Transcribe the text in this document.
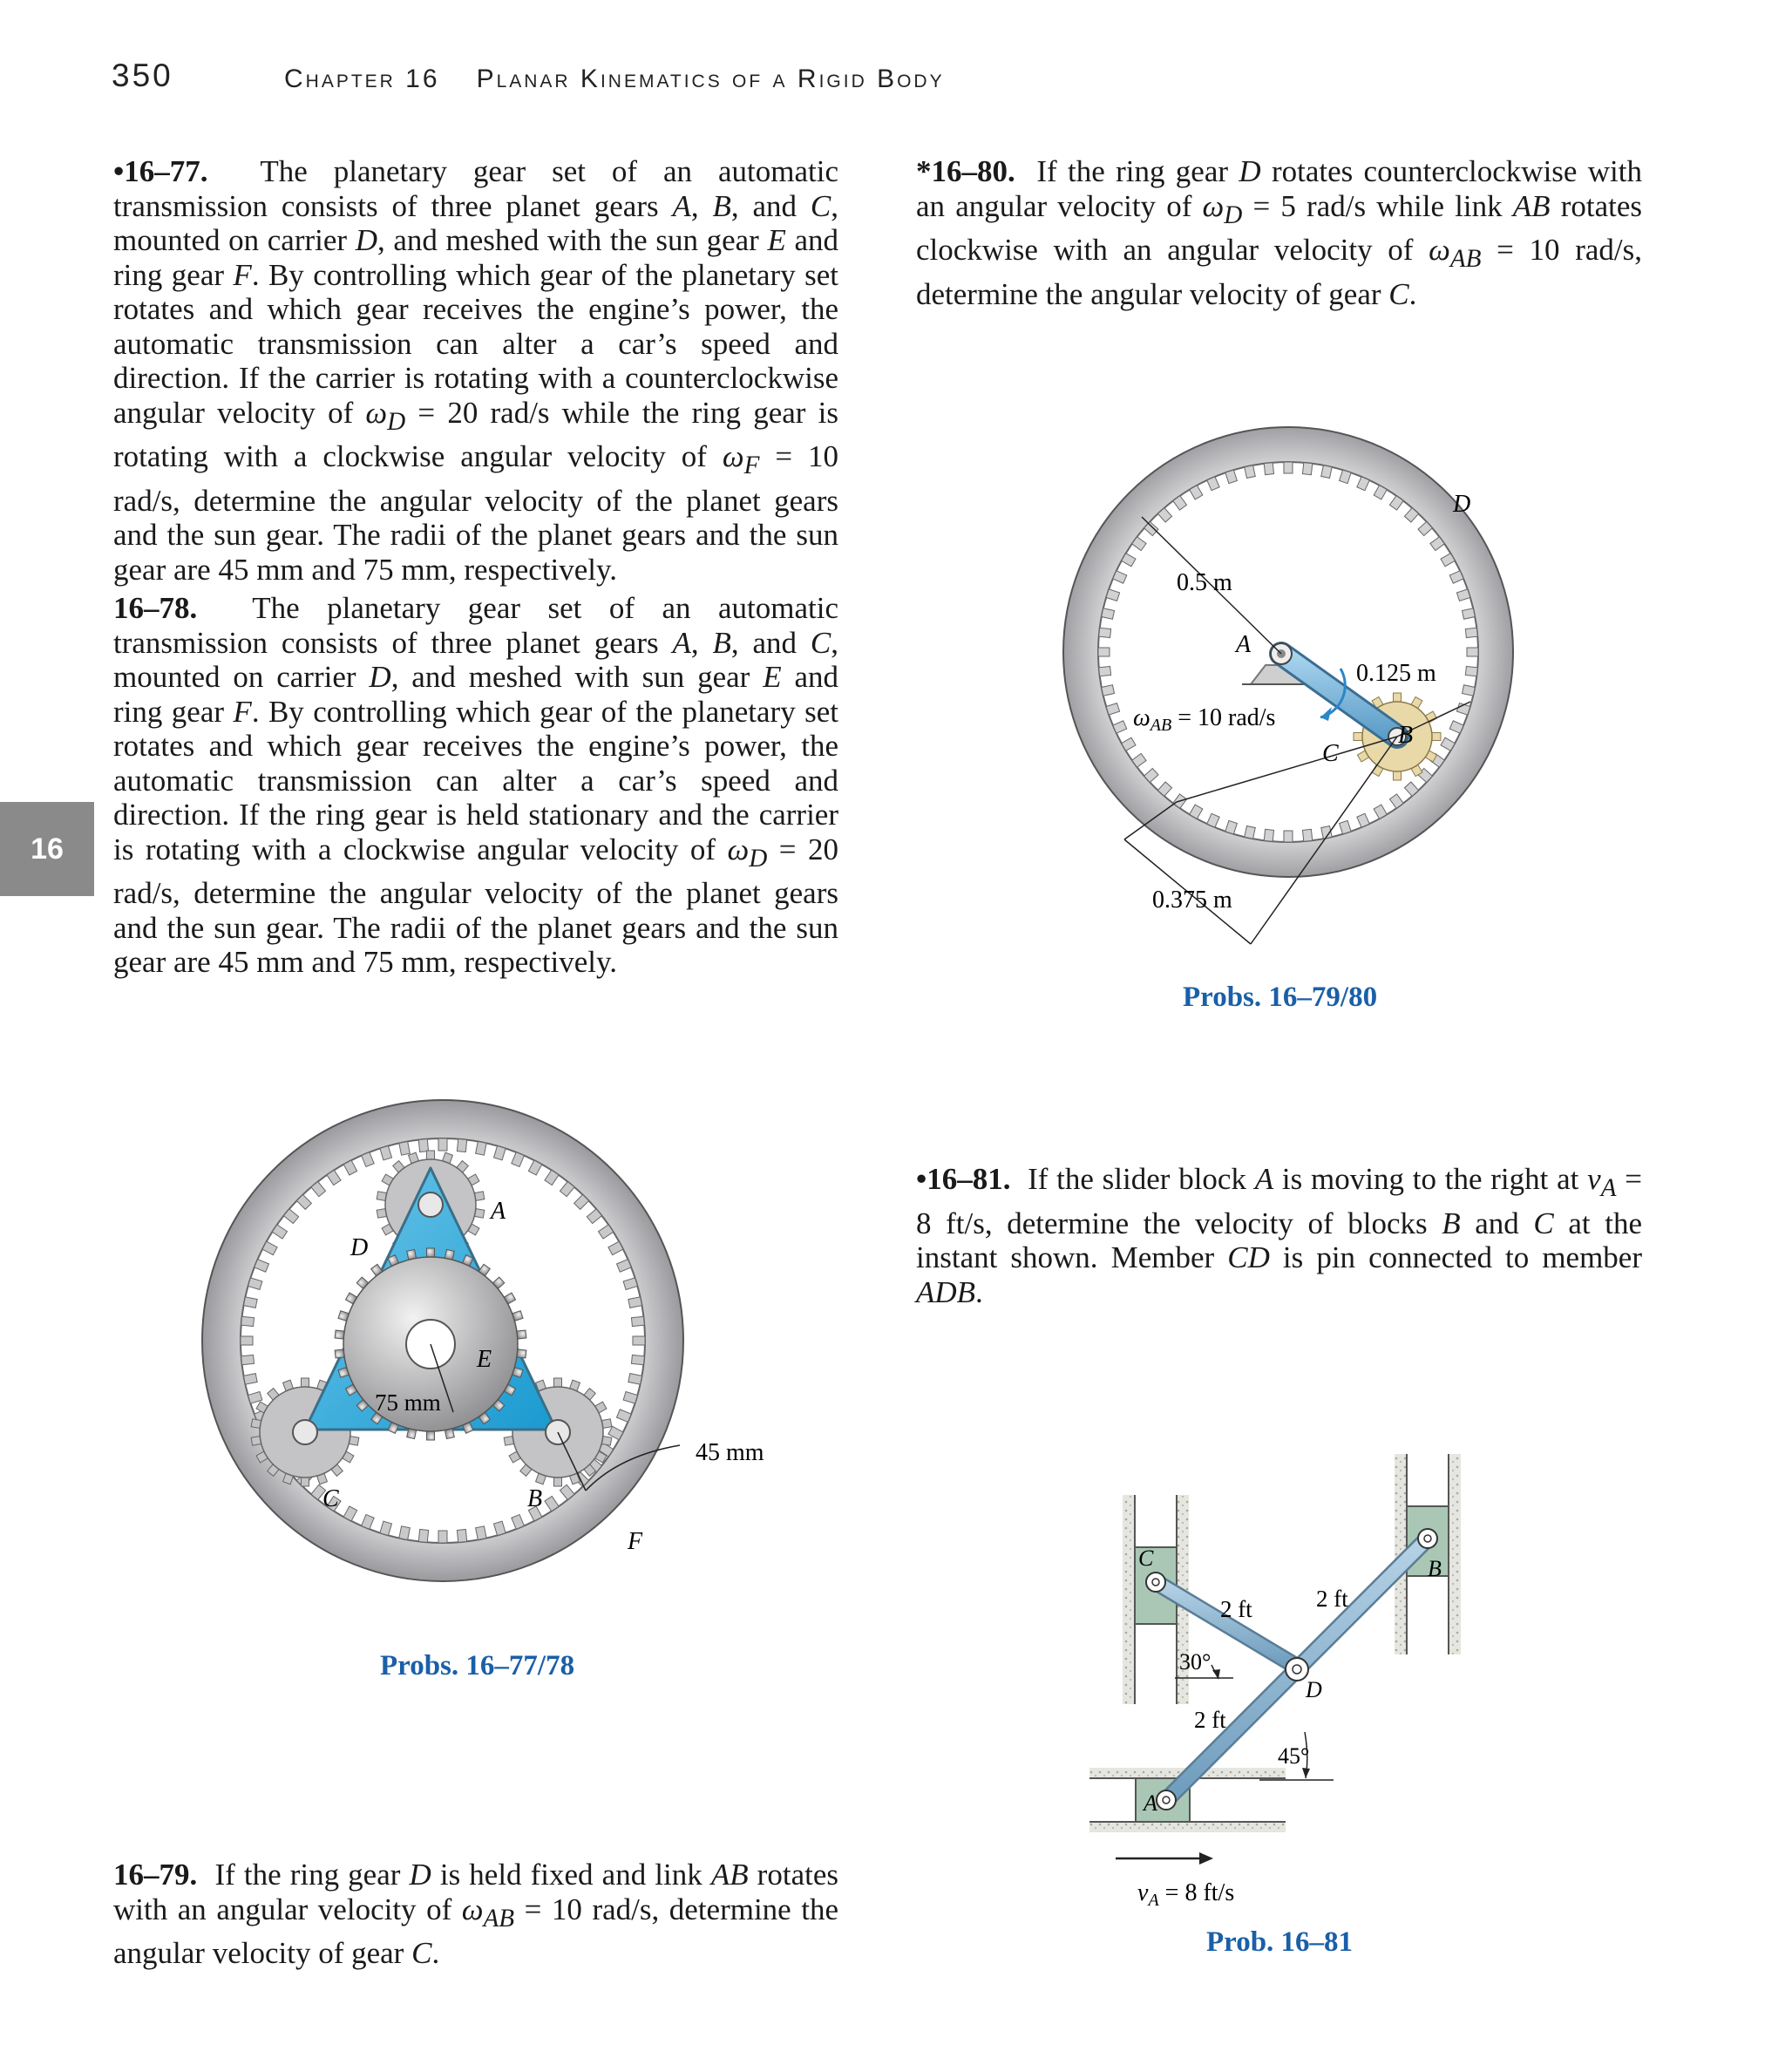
350	Chapter 16 Planar Kinematics of a Rigid Body
16

•16–77. The planetary gear set of an automatic transmission consists of three planet gears A, B, and C, mounted on carrier D, and meshed with the sun gear E and ring gear F. By controlling which gear of the planetary set rotates and which gear receives the engine’s power, the automatic transmission can alter a car’s speed and direction. If the carrier is rotating with a counterclockwise angular velocity of $\omega_D = 20$ rad/s while the ring gear is rotating with a clockwise angular velocity of $\omega_F = 10$ rad/s, determine the angular velocity of the planet gears and the sun gear. The radii of the planet gears and the sun gear are 45 mm and 75 mm, respectively.

16–78. The planetary gear set of an automatic transmission consists of three planet gears A, B, and C, mounted on carrier D, and meshed with sun gear E and ring gear F. By controlling which gear of the planetary set rotates and which gear receives the engine’s power, the automatic transmission can alter a car’s speed and direction. If the ring gear is held stationary and the carrier is rotating with a clockwise angular velocity of $\omega_D = 20$ rad/s, determine the angular velocity of the planet gears and the sun gear. The radii of the planet gears and the sun gear are 45 mm and 75 mm, respectively.

16–79. If the ring gear D is held fixed and link AB rotates with an angular velocity of $\omega_{AB} = 10$ rad/s, determine the angular velocity of gear C.

*16–80. If the ring gear D rotates counterclockwise with an angular velocity of $\omega_D = 5$ rad/s while link AB rotates clockwise with an angular velocity of $\omega_{AB} = 10$ rad/s, determine the angular velocity of gear C.

•16–81. If the slider block A is moving to the right at $v_A = 8$ ft/s, determine the velocity of blocks B and C at the instant shown. Member CD is pin connected to member ADB.

A
D
E
75 mm
45 mm
C	B
F
Probs. 16–77/78
D
0.5 m
A
0.125 m
$\omega_{AB} = 10$ rad/s
C
B
0.375 m
Probs. 16–79/80
C	B
2 ft	2 ft
30°
D
2 ft
45°
A
$v_A = 8$ ft/s
Prob. 16–81
